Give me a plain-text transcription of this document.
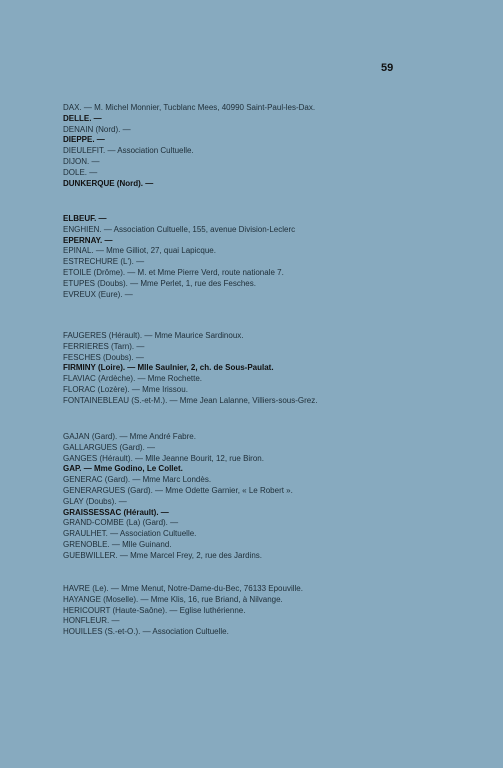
59
DAX. — M. Michel Monnier, Tucblanc Mees, 40990 Saint-Paul-les-Dax.
DELLE. —
DENAIN (Nord). —
DIEPPE. —
DIEULEFIT. — Association Cultuelle.
DIJON. —
DOLE. —
DUNKERQUE (Nord). —
ELBEUF. —
ENGHIEN. — Association Cultuelle, 155, avenue Division-Leclerc
EPERNAY. —
EPINAL. — Mme Gilliot, 27, quai Lapicque.
ESTRECHURE (L'). —
ETOILE (Drôme). — M. et Mme Pierre Verd, route nationale 7.
ETUPES (Doubs). — Mme Perlet, 1, rue des Fesches.
EVREUX (Eure). —
FAUGERES (Hérault). — Mme Maurice Sardinoux.
FERRIERES (Tarn). —
FESCHES (Doubs). —
FIRMINY (Loire). — Mlle Saulnier, 2, ch. de Sous-Paulat.
FLAVIAC (Ardèche). — Mme Rochette.
FLORAC (Lozère). — Mme Irissou.
FONTAINEBLEAU (S.-et-M.). — Mme Jean Lalanne, Villiers-sous-Grez.
GAJAN (Gard). — Mme André Fabre.
GALLARGUES (Gard). —
GANGES (Hérault). — Mlle Jeanne Bourit, 12, rue Biron.
GAP. — Mme Godino, Le Collet.
GENERAC (Gard). — Mme Marc Londès.
GENERARGUES (Gard). — Mme Odette Garnier, « Le Robert ».
GLAY (Doubs). —
GRAISSESSAC (Hérault). —
GRAND-COMBE (La) (Gard). —
GRAULHET. — Association Cultuelle.
GRENOBLE. — Mlle Guinand.
GUEBWILLER. — Mme Marcel Frey, 2, rue des Jardins.
HAVRE (Le). — Mme Menut, Notre-Dame-du-Bec, 76133 Epouville.
HAYANGE (Moselle). — Mme Klis, 16, rue Briand, à Nilvange.
HERICOURT (Haute-Saône). — Eglise luthérienne.
HONFLEUR. —
HOUILLES (S.-et-O.). — Association Cultuelle.
